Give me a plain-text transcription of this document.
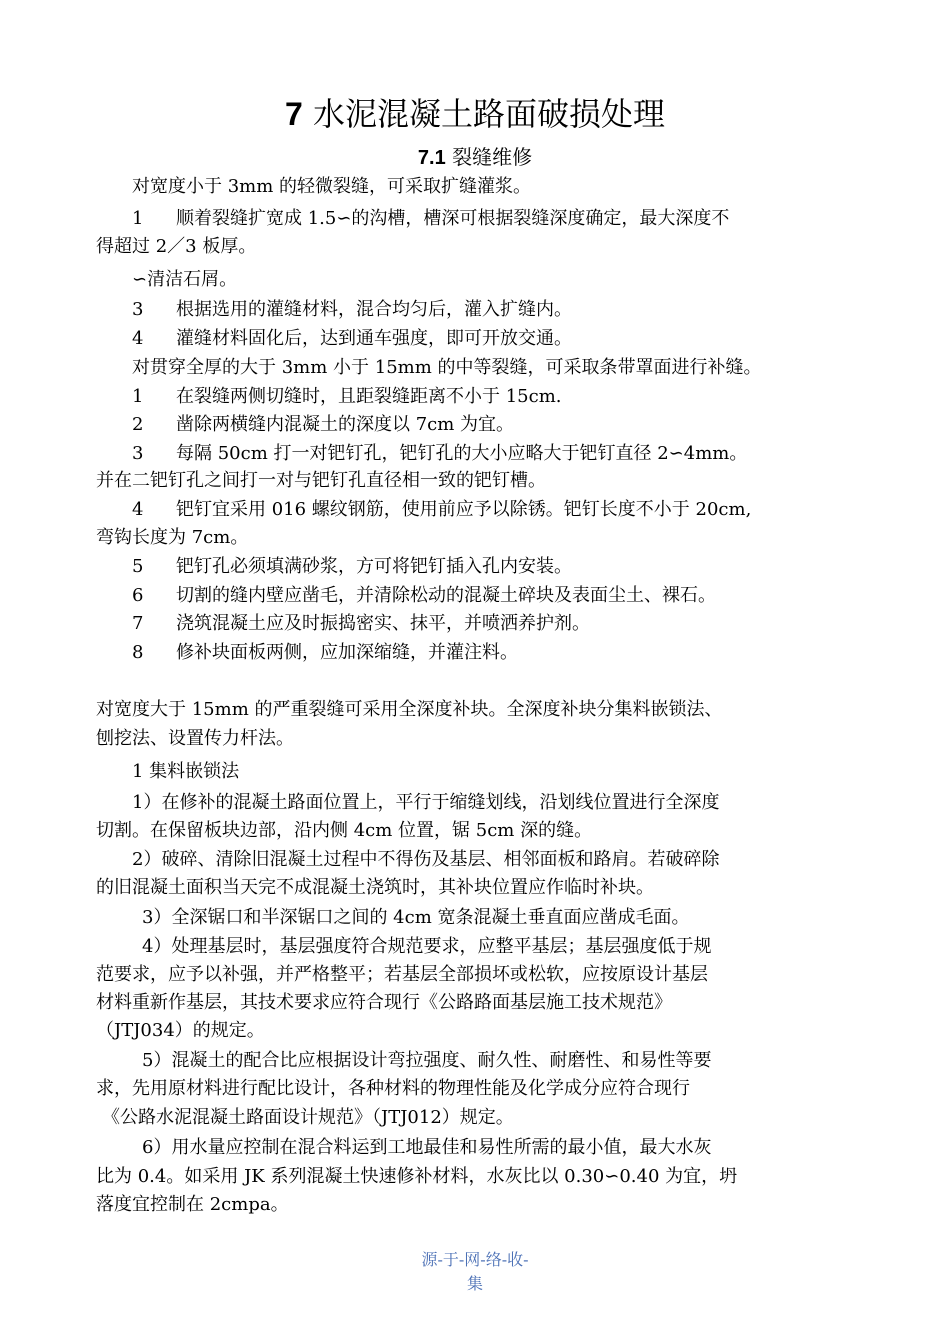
7 水泥混凝土路面破损处理
7.1 裂缝维修
对宽度小于 3mm 的轻微裂缝，可采取扩缝灌浆。
1 顺着裂缝扩宽成 1.5∽的沟槽，槽深可根据裂缝深度确定，最大深度不
得超过 2／3 板厚。
∽清洁石屑。
3 根据选用的灌缝材料，混合均匀后，灌入扩缝内。
4 灌缝材料固化后，达到通车强度，即可开放交通。
对贯穿全厚的大于 3mm 小于 15mm 的中等裂缝，可采取条带罩面进行补缝。
1 在裂缝两侧切缝时，且距裂缝距离不小于 15cm.
2 凿除两横缝内混凝土的深度以 7cm 为宜。
3 每隔 50cm 打一对钯钉孔，钯钉孔的大小应略大于钯钉直径 2∽4mm。
并在二钯钉孔之间打一对与钯钉孔直径相一致的钯钉槽。
4 钯钉宜采用 016 螺纹钢筋，使用前应予以除锈。钯钉长度不小于 20cm,
弯钩长度为 7cm。
5 钯钉孔必须填满砂浆，方可将钯钉插入孔内安装。
6 切割的缝内壁应凿毛，并清除松动的混凝土碎块及表面尘土、裸石。
7 浇筑混凝土应及时振捣密实、抹平，并喷洒养护剂。
8 修补块面板两侧，应加深缩缝，并灌注料。
对宽度大于 15mm 的严重裂缝可采用全深度补块。全深度补块分集料嵌锁法、
刨挖法、设置传力杆法。
1 集料嵌锁法
1）在修补的混凝土路面位置上，平行于缩缝划线，沿划线位置进行全深度
切割。在保留板块边部，沿内侧 4cm 位置，锯 5cm 深的缝。
2）破碎、清除旧混凝土过程中不得伤及基层、相邻面板和路肩。若破碎除
的旧混凝土面积当天完不成混凝土浇筑时，其补块位置应作临时补块。
3）全深锯口和半深锯口之间的 4cm 宽条混凝土垂直面应凿成毛面。
4）处理基层时，基层强度符合规范要求，应整平基层；基层强度低于规
范要求，应予以补强，并严格整平；若基层全部损坏或松软，应按原设计基层
材料重新作基层，其技术要求应符合现行《公路路面基层施工技术规范》
（JTJ034）的规定。
5）混凝土的配合比应根据设计弯拉强度、耐久性、耐磨性、和易性等要
求，先用原材料进行配比设计，各种材料的物理性能及化学成分应符合现行
《公路水泥混凝土路面设计规范》（JTJ012）规定。
6）用水量应控制在混合料运到工地最佳和易性所需的最小值，最大水灰
比为 0.4。如采用 JK 系列混凝土快速修补材料，水灰比以 0.30∽0.40 为宜，坍
落度宜控制在 2cmpa。
源-于-网-络-收-
集
